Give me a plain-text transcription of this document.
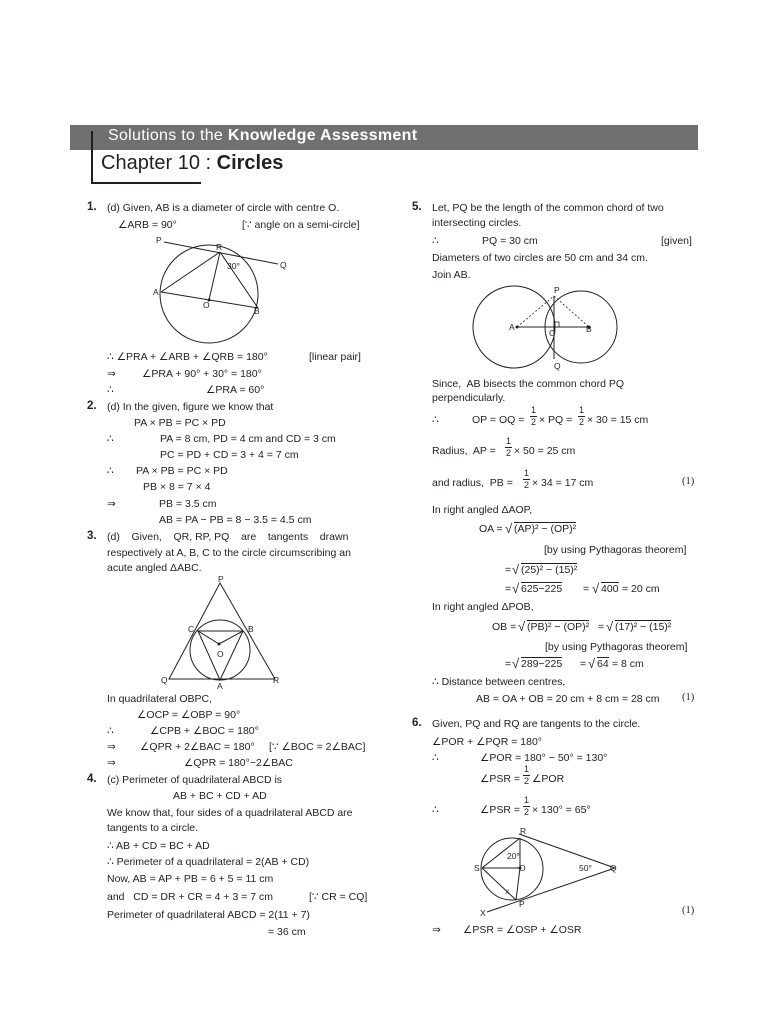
Solutions to the Knowledge Assessment
Chapter 10 : Circles
1. (d) Given, AB is a diameter of circle with centre O.
∠ARB = 90°	[∵ angle on a semi-circle]
P
R
Q
A
O
B
30°
∴ ∠PRA + ∠ARB + ∠QRB = 180°	[linear pair]
⇒ ∠PRA + 90° + 30° = 180°
∴	∠PRA = 60°
2. (d) In the given, figure we know that
PA × PB = PC × PD
∴	PA = 8 cm, PD = 4 cm and CD = 3 cm
PC = PD + CD = 3 + 4 = 7 cm
∴ PA × PB = PC × PD
PB × 8 = 7 × 4
⇒	PB = 3.5 cm
AB = PA − PB = 8 − 3.5 = 4.5 cm
3. (d)    Given,    QR, RP, PQ    are    tangents    drawn
respectively at A, B, C to the circle circumscribing an
acute angled ΔABC.
P
C	B
O
Q
A
R
In quadrilateral OBPC,
∠OCP = ∠OBP = 90°
∴	∠CPB + ∠BOC = 180°
⇒ ∠QPR + 2∠BAC = 180° [∵ ∠BOC = 2∠BAC]
⇒	∠QPR = 180°−2∠BAC
4. (c) Perimeter of quadrilateral ABCD is
AB + BC + CD + AD
We know that, four sides of a quadrilateral ABCD are
tangents to a circle.
∴ AB + CD = BC + AD
∴ Perimeter of a quadrilateral = 2(AB + CD)
Now, AB = AP + PB = 6 + 5 = 11 cm
and   CD = DR + CR = 4 + 3 = 7 cm	[∵ CR = CQ]
Perimeter of quadrilateral ABCD = 2(11 + 7)
= 36 cm
5. Let, PQ be the length of the common chord of two
intersecting circles.
∴	PQ = 30 cm	[given]
Diameters of two circles are 50 cm and 34 cm.
Join AB.
P
A	B
O
Q
Since,  AB bisects the common chord PQ
perpendicularly.
∴	OP = OQ =
1
2 × PQ =
1
2 × 30 = 15 cm
Radius,  AP =
1
2 × 50 = 25 cm
and radius,  PB =
1
2 × 34 = 17 cm	(1)
In right angled ΔAOP,
OA = √ (AP)² − (OP)²
[by using Pythagoras theorem]
= √ (25)² − (15)²
= √ 625−225 = √ 400 = 20 cm
In right angled ΔPOB,
OB = √ (PB)² − (OP)² = √ (17)² − (15)²
[by using Pythagoras theorem]
= √ 289−225 = √ 64 = 8 cm
∴ Distance between centres,
AB = OA + OB = 20 cm + 8 cm = 28 cm (1)
6. Given, PQ and RQ are tangents to the circle.
∠POR + ∠PQR = 180°
∴	∠POR = 180° − 50° = 130°
∠PSR =
1
2 ∠POR
∴	∠PSR =
1
2 × 130° = 65°
R
S	O	Q
P
X
x
20°
50°
(1)
⇒ ∠PSR = ∠OSP + ∠OSR
